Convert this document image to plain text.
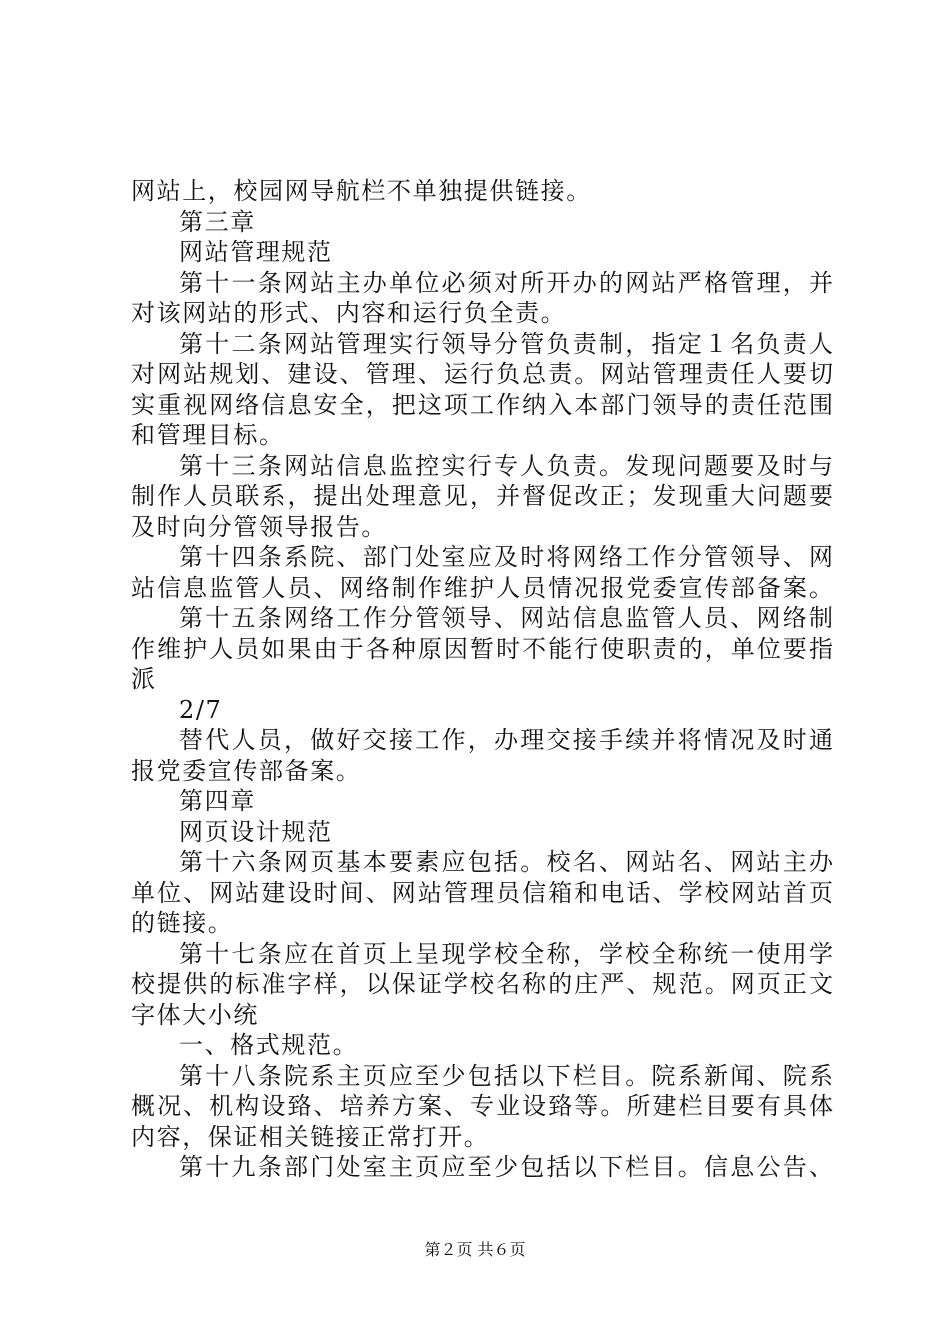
网站上，校园网导航栏不单独提供链接。
第三章
网站管理规范
第十一条网站主办单位必须对所开办的网站严格管理，并
对该网站的形式、内容和运行负全责。
第十二条网站管理实行领导分管负责制，指定１名负责人
对网站规划、建设、管理、运行负总责。网站管理责任人要切
实重视网络信息安全，把这项工作纳入本部门领导的责任范围
和管理目标。
第十三条网站信息监控实行专人负责。发现问题要及时与
制作人员联系，提出处理意见，并督促改正；发现重大问题要
及时向分管领导报告。
第十四条系院、部门处室应及时将网络工作分管领导、网
站信息监管人员、网络制作维护人员情况报党委宣传部备案。
第十五条网络工作分管领导、网站信息监管人员、网络制
作维护人员如果由于各种原因暂时不能行使职责的，单位要指
派
2/7
替代人员，做好交接工作，办理交接手续并将情况及时通
报党委宣传部备案。
第四章
网页设计规范
第十六条网页基本要素应包括。校名、网站名、网站主办
单位、网站建设时间、网站管理员信箱和电话、学校网站首页
的链接。
第十七条应在首页上呈现学校全称，学校全称统一使用学
校提供的标准字样，以保证学校名称的庄严、规范。网页正文
字体大小统
一、格式规范。
第十八条院系主页应至少包括以下栏目。院系新闻、院系
概况、机构设臵、培养方案、专业设臵等。所建栏目要有具体
内容，保证相关链接正常打开。
第十九条部门处室主页应至少包括以下栏目。信息公告、
第２页 共６页
